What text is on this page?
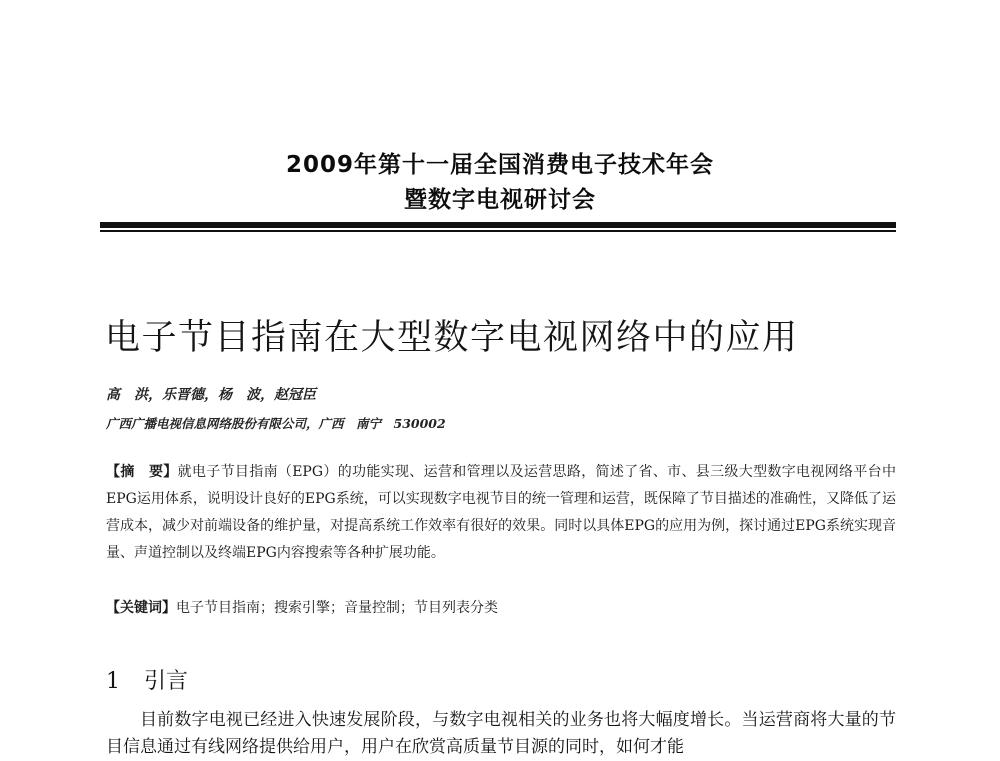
2009年第十一届全国消费电子技术年会
暨数字电视研讨会
电子节目指南在大型数字电视网络中的应用
高　洪，乐晋德，杨　波，赵冠臣
广西广播电视信息网络股份有限公司，广西　南宁　530002
【摘　要】就电子节目指南（EPG）的功能实现、运营和管理以及运营思路，简述了省、市、县三级大型数字电视网络平台中EPG运用体系，说明设计良好的EPG系统，可以实现数字电视节目的统一管理和运营，既保障了节目描述的准确性，又降低了运营成本，减少对前端设备的维护量，对提高系统工作效率有很好的效果。同时以具体EPG的应用为例，探讨通过EPG系统实现音量、声道控制以及终端EPG内容搜索等各种扩展功能。
【关键词】电子节目指南；搜索引擎；音量控制；节目列表分类
1 引言
目前数字电视已经进入快速发展阶段，与数字电视相关的业务也将大幅度增长。当运营商将大量的节目信息通过有线网络提供给用户，用户在欣赏高质量节目源的同时，如何才能
